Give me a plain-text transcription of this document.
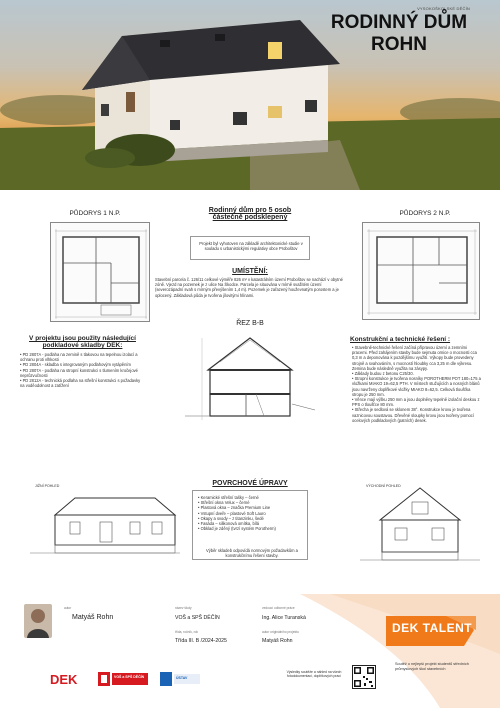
VYSOKOŠKOLSKÉ DĚČÍN
RODINNÝ DŮM
ROHN
PŮDORYS 1 N.P.	PŮDORYS 2 N.P.
Rodinný dům pro 5 osob
částečně podsklepený
Projekt byl vyhotoven na základě architektonické studie v souladu s urbanistickými regulativy obce Proboštov
UMÍSTĚNÍ:
Stavební parcela č. 126/11 celkové výměře 826 m² v katastrálním území Proboštov se nachází v obytné zóně. Vjezd na pozemek je z ulice Na Škodce. Parcela je situována v mírně svažitém území (severozápadní svah s mírným převýšením 1,4 m). Pozemek je zařazený houževnatým porostem a je oplocený. Základová půda je tvořena jílovitými hlínami.
ŘEZ B-B
V projektu jsou použity následující
podkladové skladby DEK:
• PD 2807A - podlaha na zemině s tlakovou na tepelnou izolací a ochranu proti vlhkosti
• PD 2804A - skladba s integrovaným podlahovým vytápěním
• PD 2807A - podlaha na stropní konstrukci s tlumením kročejové neprůzvučnosti
• PD 2812A - technická podlaha na střešní konstrukci s požadavky na voděodolnost a zatížení
Konstrukční a technické řešení :
• Stavebně-technické řešení začíná přípravou území a zemními pracemi. Před zahájením stavby bude sejmuta ornice o mocnosti cca 0,3 m a deponována k pozdějšímu využití. Výkopy bude provedeny strojně a svahováním, s mocností hloubky cca 3,25 m dle výkresu. Zemina bude následně využita na zásypy.
• Základy budou z betonu C25/30.
• Stropní konstrukce je tvořena nosníky POROTHERM POT 180=175 a vložkami MIAKO 19=62,5 PTH. V místech stužujících a nosných blánů jsou navrženy doplňkové vložky MIAKO 8=62,5. Celková tloušťka stropu je 250 mm.
• Věnce mají výšku 250 mm a jsou doplněny tepelně izolační deskou z PPS o tloušťce 80 mm.
• Střecha je sedlová se sklonem 38°. Konstrukce krovu je tvořena vaznicovou soustavou. Dřevěné sloupky krovu jsou tvořeny pomocí ocelových podkladových (patních) desek.
JIŽNÍ POHLED	VÝCHODNÍ POHLED
POVRCHOVÉ ÚPRAVY
• Keramické střešní tašky – černé
• Střešní okna Velux – černé
• Plastová okna – značka Premium Line
• Vstupní dveře – plastové Soft Lauro
• Okapy a svody – z titanzinku, šedé
• Fasáda – silikonová omítka, bílá
• Obklad je zděný (tvrzí systém Porotherm)
Výběr skladeb odpovídá normovým požadavkům a konstrukčnímu řešení stavby.
autor
Matyáš Rohn
název školy
VOŠ a SPŠ DĚČÍN
třída, ročník, rok
Třída III. B /2024-2025
vedoucí odborné práce
Ing. Alice Turanská
autor originálního projektu
Matyáš Rohn
DEK	VOŠ a SPŠ DĚČÍN	ÚSTAV
Výsledky soutěže a náhled na všech fotodokumentaci, doplňkových prací
DEK TALENT
Soutěž o nejlepší projekt studentů středních průmyslových škol stavebních
